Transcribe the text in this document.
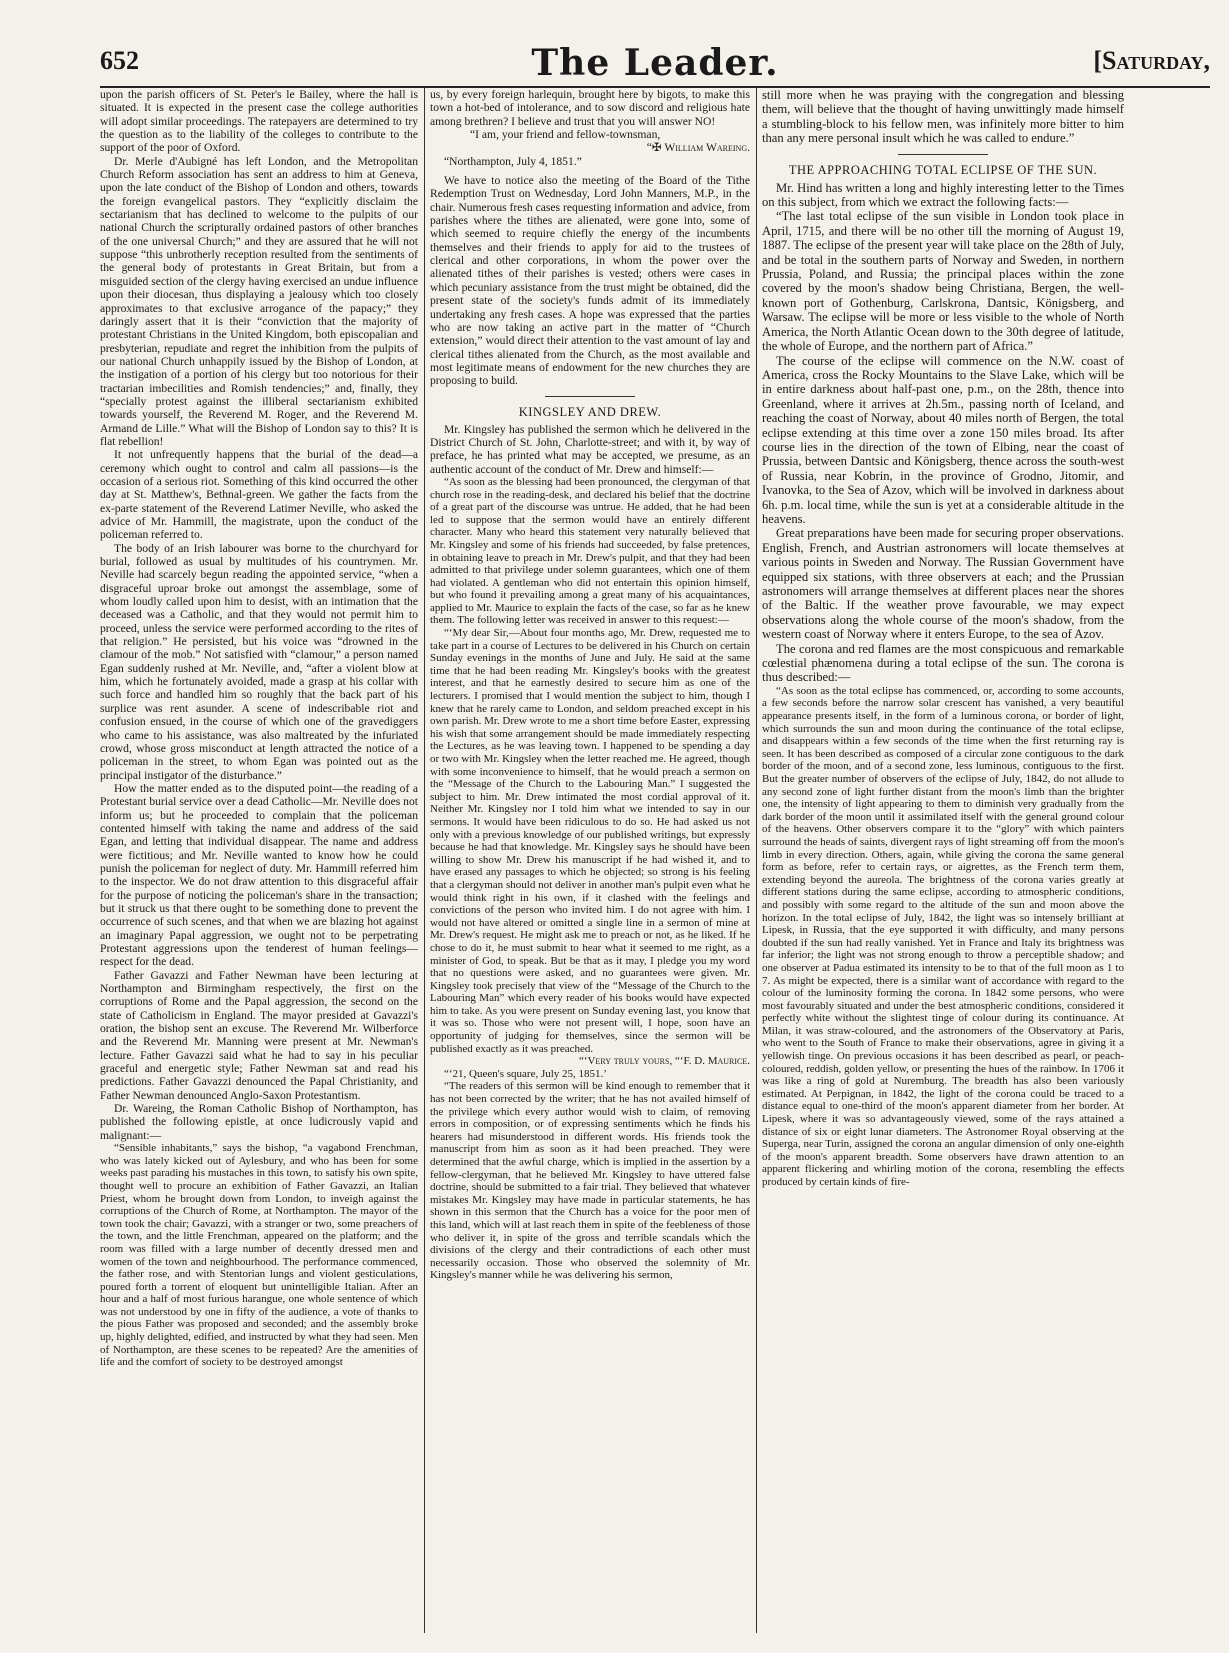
652	The Leader.	[Saturday,

upon the parish officers of St. Peter's le Bailey, where the hall is situated. It is expected in the present case the college authorities will adopt similar proceedings. The ratepayers are determined to try the question as to the liability of the colleges to contribute to the support of the poor of Oxford.

Dr. Merle d'Aubigné has left London, and the Metropolitan Church Reform association has sent an address to him at Geneva, upon the late conduct of the Bishop of London and others, towards the foreign evangelical pastors. They “explicitly disclaim the sectarianism that has declined to welcome to the pulpits of our national Church the scripturally ordained pastors of other branches of the one universal Church;” and they are assured that he will not suppose “this unbrotherly reception resulted from the sentiments of the general body of protestants in Great Britain, but from a misguided section of the clergy having exercised an undue influence upon their diocesan, thus displaying a jealousy which too closely approximates to that exclusive arrogance of the papacy;” they daringly assert that it is their “conviction that the majority of protestant Christians in the United Kingdom, both episcopalian and presbyterian, repudiate and regret the inhibition from the pulpits of our national Church unhappily issued by the Bishop of London, at the instigation of a portion of his clergy but too notorious for their tractarian imbecilities and Romish tendencies;” and, finally, they “specially protest against the illiberal sectarianism exhibited towards yourself, the Reverend M. Roger, and the Reverend M. Armand de Lille.” What will the Bishop of London say to this? It is flat rebellion!

It not unfrequently happens that the burial of the dead—a ceremony which ought to control and calm all passions—is the occasion of a serious riot. Something of this kind occurred the other day at St. Matthew's, Bethnal-green. We gather the facts from the ex-parte statement of the Reverend Latimer Neville, who asked the advice of Mr. Hammill, the magistrate, upon the conduct of the policeman referred to.

The body of an Irish labourer was borne to the churchyard for burial, followed as usual by multitudes of his countrymen. Mr. Neville had scarcely begun reading the appointed service, “when a disgraceful uproar broke out amongst the assemblage, some of whom loudly called upon him to desist, with an intimation that the deceased was a Catholic, and that they would not permit him to proceed, unless the service were performed according to the rites of that religion.” He persisted, but his voice was “drowned in the clamour of the mob.” Not satisfied with “clamour,” a person named Egan suddenly rushed at Mr. Neville, and, “after a violent blow at him, which he fortunately avoided, made a grasp at his collar with such force and handled him so roughly that the back part of his surplice was rent asunder. A scene of indescribable riot and confusion ensued, in the course of which one of the gravediggers who came to his assistance, was also maltreated by the infuriated crowd, whose gross misconduct at length attracted the notice of a policeman in the street, to whom Egan was pointed out as the principal instigator of the disturbance.”

How the matter ended as to the disputed point—the reading of a Protestant burial service over a dead Catholic—Mr. Neville does not inform us; but he proceeded to complain that the policeman contented himself with taking the name and address of the said Egan, and letting that individual disappear. The name and address were fictitious; and Mr. Neville wanted to know how he could punish the policeman for neglect of duty. Mr. Hammill referred him to the inspector. We do not draw attention to this disgraceful affair for the purpose of noticing the policeman's share in the transaction; but it struck us that there ought to be something done to prevent the occurrence of such scenes, and that when we are blazing hot against an imaginary Papal aggression, we ought not to be perpetrating Protestant aggressions upon the tenderest of human feelings—respect for the dead.

Father Gavazzi and Father Newman have been lecturing at Northampton and Birmingham respectively, the first on the corruptions of Rome and the Papal aggression, the second on the state of Catholicism in England. The mayor presided at Gavazzi's oration, the bishop sent an excuse. The Reverend Mr. Wilberforce and the Reverend Mr. Manning were present at Mr. Newman's lecture. Father Gavazzi said what he had to say in his peculiar graceful and energetic style; Father Newman sat and read his predictions. Father Gavazzi denounced the Papal Christianity, and Father Newman denounced Anglo-Saxon Protestantism.

Dr. Wareing, the Roman Catholic Bishop of Northampton, has published the following epistle, at once ludicrously vapid and malignant:—

“Sensible inhabitants,” says the bishop, “a vagabond Frenchman, who was lately kicked out of Aylesbury, and who has been for some weeks past parading his mustaches in this town, to satisfy his own spite, thought well to procure an exhibition of Father Gavazzi, an Italian Priest, whom he brought down from London, to inveigh against the corruptions of the Church of Rome, at Northampton. The mayor of the town took the chair; Gavazzi, with a stranger or two, some preachers of the town, and the little Frenchman, appeared on the platform; and the room was filled with a large number of decently dressed men and women of the town and neighbourhood. The performance commenced, the father rose, and with Stentorian lungs and violent gesticulations, poured forth a torrent of eloquent but unintelligible Italian. After an hour and a half of most furious harangue, one whole sentence of which was not understood by one in fifty of the audience, a vote of thanks to the pious Father was proposed and seconded; and the assembly broke up, highly delighted, edified, and instructed by what they had seen. Men of Northampton, are these scenes to be repeated? Are the amenities of life and the comfort of society to be destroyed amongst

us, by every foreign harlequin, brought here by bigots, to make this town a hot-bed of intolerance, and to sow discord and religious hate among brethren? I believe and trust that you will answer NO!

“I am, your friend and fellow-townsman,

“✠ William Wareing.

“Northampton, July 4, 1851.”

We have to notice also the meeting of the Board of the Tithe Redemption Trust on Wednesday, Lord John Manners, M.P., in the chair. Numerous fresh cases requesting information and advice, from parishes where the tithes are alienated, were gone into, some of which seemed to require chiefly the energy of the incumbents themselves and their friends to apply for aid to the trustees of clerical and other corporations, in whom the power over the alienated tithes of their parishes is vested; others were cases in which pecuniary assistance from the trust might be obtained, did the present state of the society's funds admit of its immediately undertaking any fresh cases. A hope was expressed that the parties who are now taking an active part in the matter of “Church extension,” would direct their attention to the vast amount of lay and clerical tithes alienated from the Church, as the most available and most legitimate means of endowment for the new churches they are proposing to build.

KINGSLEY AND DREW.

Mr. Kingsley has published the sermon which he delivered in the District Church of St. John, Charlotte-street; and with it, by way of preface, he has printed what may be accepted, we presume, as an authentic account of the conduct of Mr. Drew and himself:—

“As soon as the blessing had been pronounced, the clergyman of that church rose in the reading-desk, and declared his belief that the doctrine of a great part of the discourse was untrue. He added, that he had been led to suppose that the sermon would have an entirely different character. Many who heard this statement very naturally believed that Mr. Kingsley and some of his friends had succeeded, by false pretences, in obtaining leave to preach in Mr. Drew's pulpit, and that they had been admitted to that privilege under solemn guarantees, which one of them had violated. A gentleman who did not entertain this opinion himself, but who found it prevailing among a great many of his acquaintances, applied to Mr. Maurice to explain the facts of the case, so far as he knew them. The following letter was received in answer to this request:—

“‘My dear Sir,—About four months ago, Mr. Drew, requested me to take part in a course of Lectures to be delivered in his Church on certain Sunday evenings in the months of June and July. He said at the same time that he had been reading Mr. Kingsley's books with the greatest interest, and that he earnestly desired to secure him as one of the lecturers. I promised that I would mention the subject to him, though I knew that he rarely came to London, and seldom preached except in his own parish. Mr. Drew wrote to me a short time before Easter, expressing his wish that some arrangement should be made immediately respecting the Lectures, as he was leaving town. I happened to be spending a day or two with Mr. Kingsley when the letter reached me. He agreed, though with some inconvenience to himself, that he would preach a sermon on the “Message of the Church to the Labouring Man.” I suggested the subject to him. Mr. Drew intimated the most cordial approval of it. Neither Mr. Kingsley nor I told him what we intended to say in our sermons. It would have been ridiculous to do so. He had asked us not only with a previous knowledge of our published writings, but expressly because he had that knowledge. Mr. Kingsley says he should have been willing to show Mr. Drew his manuscript if he had wished it, and to have erased any passages to which he objected; so strong is his feeling that a clergyman should not deliver in another man's pulpit even what he would think right in his own, if it clashed with the feelings and convictions of the person who invited him. I do not agree with him. I would not have altered or omitted a single line in a sermon of mine at Mr. Drew's request. He might ask me to preach or not, as he liked. If he chose to do it, he must submit to hear what it seemed to me right, as a minister of God, to speak. But be that as it may, I pledge you my word that no questions were asked, and no guarantees were given. Mr. Kingsley took precisely that view of the “Message of the Church to the Labouring Man” which every reader of his books would have expected him to take. As you were present on Sunday evening last, you know that it was so. Those who were not present will, I hope, soon have an opportunity of judging for themselves, since the sermon will be published exactly as it was preached.

“‘Very truly yours, “‘F. D. Maurice.

“‘21, Queen's square, July 25, 1851.’

“The readers of this sermon will be kind enough to remember that it has not been corrected by the writer; that he has not availed himself of the privilege which every author would wish to claim, of removing errors in composition, or of expressing sentiments which he finds his hearers had misunderstood in different words. His friends took the manuscript from him as soon as it had been preached. They were determined that the awful charge, which is implied in the assertion by a fellow-clergyman, that he believed Mr. Kingsley to have uttered false doctrine, should be submitted to a fair trial. They believed that whatever mistakes Mr. Kingsley may have made in particular statements, he has shown in this sermon that the Church has a voice for the poor men of this land, which will at last reach them in spite of the feebleness of those who deliver it, in spite of the gross and terrible scandals which the divisions of the clergy and their contradictions of each other must necessarily occasion. Those who observed the solemnity of Mr. Kingsley's manner while he was delivering his sermon,

still more when he was praying with the congregation and blessing them, will believe that the thought of having unwittingly made himself a stumbling-block to his fellow men, was infinitely more bitter to him than any mere personal insult which he was called to endure.”

THE APPROACHING TOTAL ECLIPSE OF THE SUN.

Mr. Hind has written a long and highly interesting letter to the Times on this subject, from which we extract the following facts:—

“The last total eclipse of the sun visible in London took place in April, 1715, and there will be no other till the morning of August 19, 1887. The eclipse of the present year will take place on the 28th of July, and be total in the southern parts of Norway and Sweden, in northern Prussia, Poland, and Russia; the principal places within the zone covered by the moon's shadow being Christiana, Bergen, the well-known port of Gothenburg, Carlskrona, Dantsic, Königsberg, and Warsaw. The eclipse will be more or less visible to the whole of North America, the North Atlantic Ocean down to the 30th degree of latitude, the whole of Europe, and the northern part of Africa.”

The course of the eclipse will commence on the N.W. coast of America, cross the Rocky Mountains to the Slave Lake, which will be in entire darkness about half-past one, p.m., on the 28th, thence into Greenland, where it arrives at 2h.5m., passing north of Iceland, and reaching the coast of Norway, about 40 miles north of Bergen, the total eclipse extending at this time over a zone 150 miles broad. Its after course lies in the direction of the town of Elbing, near the coast of Prussia, between Dantsic and Königsberg, thence across the south-west of Russia, near Kobrin, in the province of Grodno, Jitomir, and Ivanovka, to the Sea of Azov, which will be involved in darkness about 6h. p.m. local time, while the sun is yet at a considerable altitude in the heavens.

Great preparations have been made for securing proper observations. English, French, and Austrian astronomers will locate themselves at various points in Sweden and Norway. The Russian Government have equipped six stations, with three observers at each; and the Prussian astronomers will arrange themselves at different places near the shores of the Baltic. If the weather prove favourable, we may expect observations along the whole course of the moon's shadow, from the western coast of Norway where it enters Europe, to the sea of Azov.

The corona and red flames are the most conspicuous and remarkable cœlestial phænomena during a total eclipse of the sun. The corona is thus described:—

“As soon as the total eclipse has commenced, or, according to some accounts, a few seconds before the narrow solar crescent has vanished, a very beautiful appearance presents itself, in the form of a luminous corona, or border of light, which surrounds the sun and moon during the continuance of the total eclipse, and disappears within a few seconds of the time when the first returning ray is seen. It has been described as composed of a circular zone contiguous to the dark border of the moon, and of a second zone, less luminous, contiguous to the first. But the greater number of observers of the eclipse of July, 1842, do not allude to any second zone of light further distant from the moon's limb than the brighter one, the intensity of light appearing to them to diminish very gradually from the dark border of the moon until it assimilated itself with the general ground colour of the heavens. Other observers compare it to the “glory” with which painters surround the heads of saints, divergent rays of light streaming off from the moon's limb in every direction. Others, again, while giving the corona the same general form as before, refer to certain rays, or aigrettes, as the French term them, extending beyond the aureola. The brightness of the corona varies greatly at different stations during the same eclipse, according to atmospheric conditions, and possibly with some regard to the altitude of the sun and moon above the horizon. In the total eclipse of July, 1842, the light was so intensely brilliant at Lipesk, in Russia, that the eye supported it with difficulty, and many persons doubted if the sun had really vanished. Yet in France and Italy its brightness was far inferior; the light was not strong enough to throw a perceptible shadow; and one observer at Padua estimated its intensity to be to that of the full moon as 1 to 7. As might be expected, there is a similar want of accordance with regard to the colour of the luminosity forming the corona. In 1842 some persons, who were most favourably situated and under the best atmospheric conditions, considered it perfectly white without the slightest tinge of colour during its continuance. At Milan, it was straw-coloured, and the astronomers of the Observatory at Paris, who went to the South of France to make their observations, agree in giving it a yellowish tinge. On previous occasions it has been described as pearl, or peach-coloured, reddish, golden yellow, or presenting the hues of the rainbow. In 1706 it was like a ring of gold at Nuremburg. The breadth has also been variously estimated. At Perpignan, in 1842, the light of the corona could be traced to a distance equal to one-third of the moon's apparent diameter from her border. At Lipesk, where it was so advantageously viewed, some of the rays attained a distance of six or eight lunar diameters. The Astronomer Royal observing at the Superga, near Turin, assigned the corona an angular dimension of only one-eighth of the moon's apparent breadth. Some observers have drawn attention to an apparent flickering and whirling motion of the corona, resembling the effects produced by certain kinds of fire-
